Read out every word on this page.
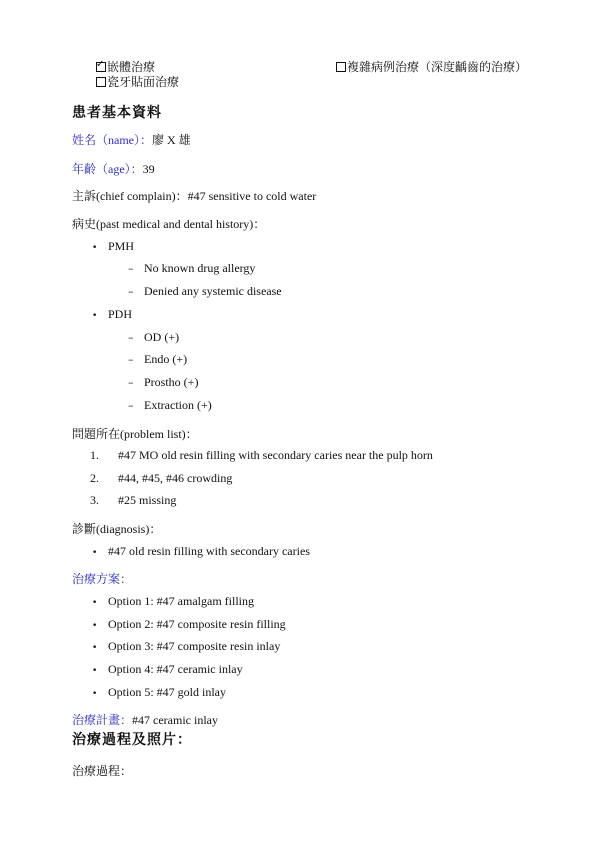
✓嵌體治療	複雜病例治療（深度齲齒的治療）
瓷牙貼面治療
患者基本資料
姓名（name）：廖 X 雄
年齡（age）：39
主訴(chief complain)：#47 sensitive to cold water
病史(past medical and dental history)：
• PMH
– No known drug allergy
– Denied any systemic disease
• PDH
– OD (+)
– Endo (+)
– Prostho (+)
– Extraction (+)
問題所在(problem list)：
1. #47 MO old resin filling with secondary caries near the pulp horn
2. #44, #45, #46 crowding
3. #25 missing
診斷(diagnosis)：
• #47 old resin filling with secondary caries
治療方案：
• Option 1: #47 amalgam filling
• Option 2: #47 composite resin filling
• Option 3: #47 composite resin inlay
• Option 4: #47 ceramic inlay
• Option 5: #47 gold inlay
治療計畫：#47 ceramic inlay
治療過程及照片：
治療過程：
